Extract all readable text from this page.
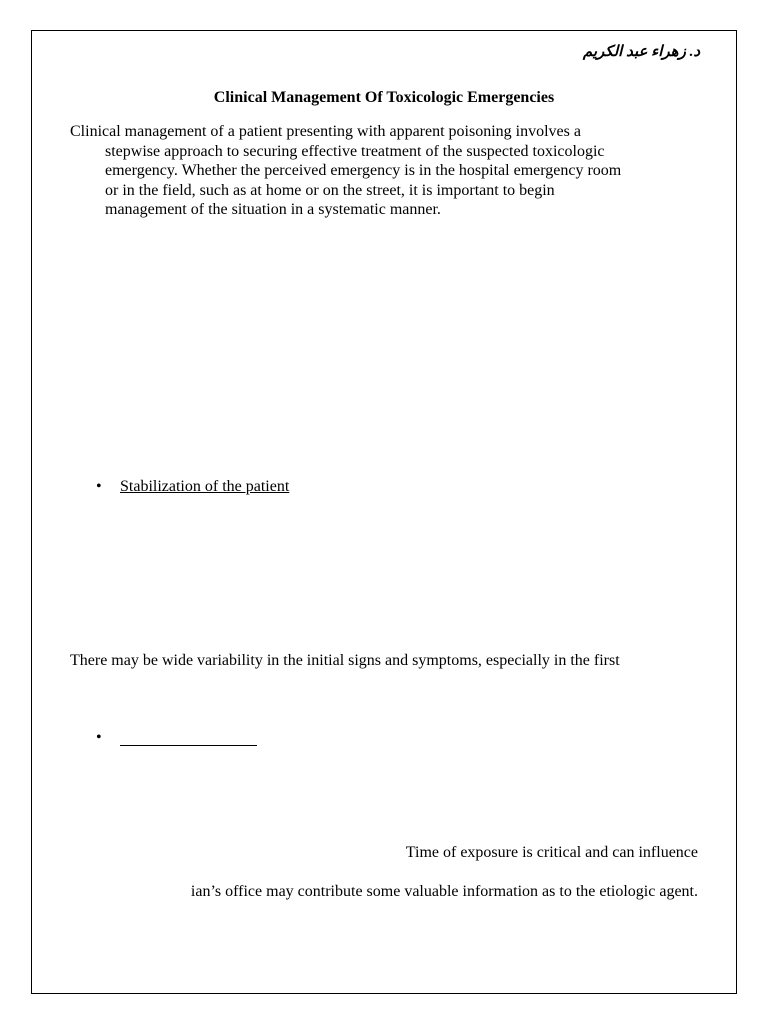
د. زهراء عبد الكريم
Clinical Management Of Toxicologic Emergencies
Clinical management of a patient presenting with apparent poisoning involves a
stepwise approach to securing effective treatment of the suspected toxicologic
emergency. Whether the perceived emergency is in the hospital emergency room
or in the field, such as at home or on the street, it is important to begin
management of the situation in a systematic manner.
• Stabilization of the patient
There may be wide variability in the initial signs and symptoms, especially in the first
•
Time of exposure is critical and can influence
ian’s office may contribute some valuable information as to the etiologic agent.
